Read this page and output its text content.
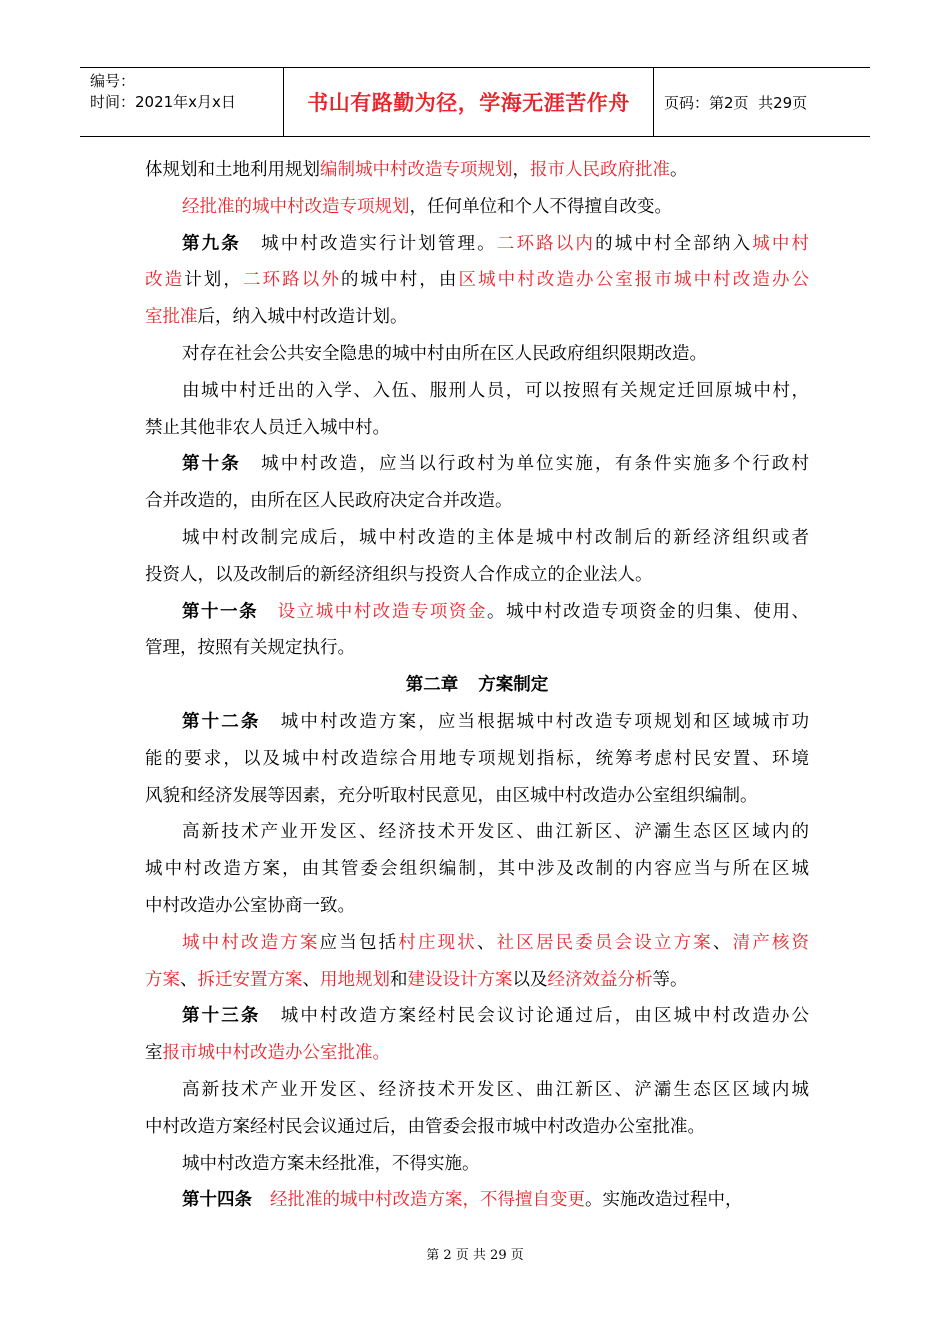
编号：
时间：2021年x月x日	书山有路勤为径，学海无涯苦作舟 页码：第2页  共29页
体规划和土地利用规划编制城中村改造专项规划，报市人民政府批准。
经批准的城中村改造专项规划，任何单位和个人不得擅自改变。
第九条 城中村改造实行计划管理。二环路以内的城中村全部纳入城中村
改造计划，二环路以外的城中村，由区城中村改造办公室报市城中村改造办公
室批准后，纳入城中村改造计划。
对存在社会公共安全隐患的城中村由所在区人民政府组织限期改造。
由城中村迁出的入学、入伍、服刑人员，可以按照有关规定迁回原城中村，
禁止其他非农人员迁入城中村。
第十条 城中村改造，应当以行政村为单位实施，有条件实施多个行政村
合并改造的，由所在区人民政府决定合并改造。
城中村改制完成后，城中村改造的主体是城中村改制后的新经济组织或者
投资人，以及改制后的新经济组织与投资人合作成立的企业法人。
第十一条 设立城中村改造专项资金。城中村改造专项资金的归集、使用、
管理，按照有关规定执行。
第二章 方案制定
第十二条 城中村改造方案，应当根据城中村改造专项规划和区域城市功
能的要求，以及城中村改造综合用地专项规划指标，统筹考虑村民安置、环境
风貌和经济发展等因素，充分听取村民意见，由区城中村改造办公室组织编制。
高新技术产业开发区、经济技术开发区、曲江新区、浐灞生态区区域内的
城中村改造方案，由其管委会组织编制，其中涉及改制的内容应当与所在区城
中村改造办公室协商一致。
城中村改造方案应当包括村庄现状、社区居民委员会设立方案、清产核资
方案、拆迁安置方案、用地规划和建设设计方案以及经济效益分析等。
第十三条 城中村改造方案经村民会议讨论通过后，由区城中村改造办公
室报市城中村改造办公室批准。
高新技术产业开发区、经济技术开发区、曲江新区、浐灞生态区区域内城
中村改造方案经村民会议通过后，由管委会报市城中村改造办公室批准。
城中村改造方案未经批准，不得实施。
第十四条 经批准的城中村改造方案，不得擅自变更。实施改造过程中，
第 2 页 共 29 页
